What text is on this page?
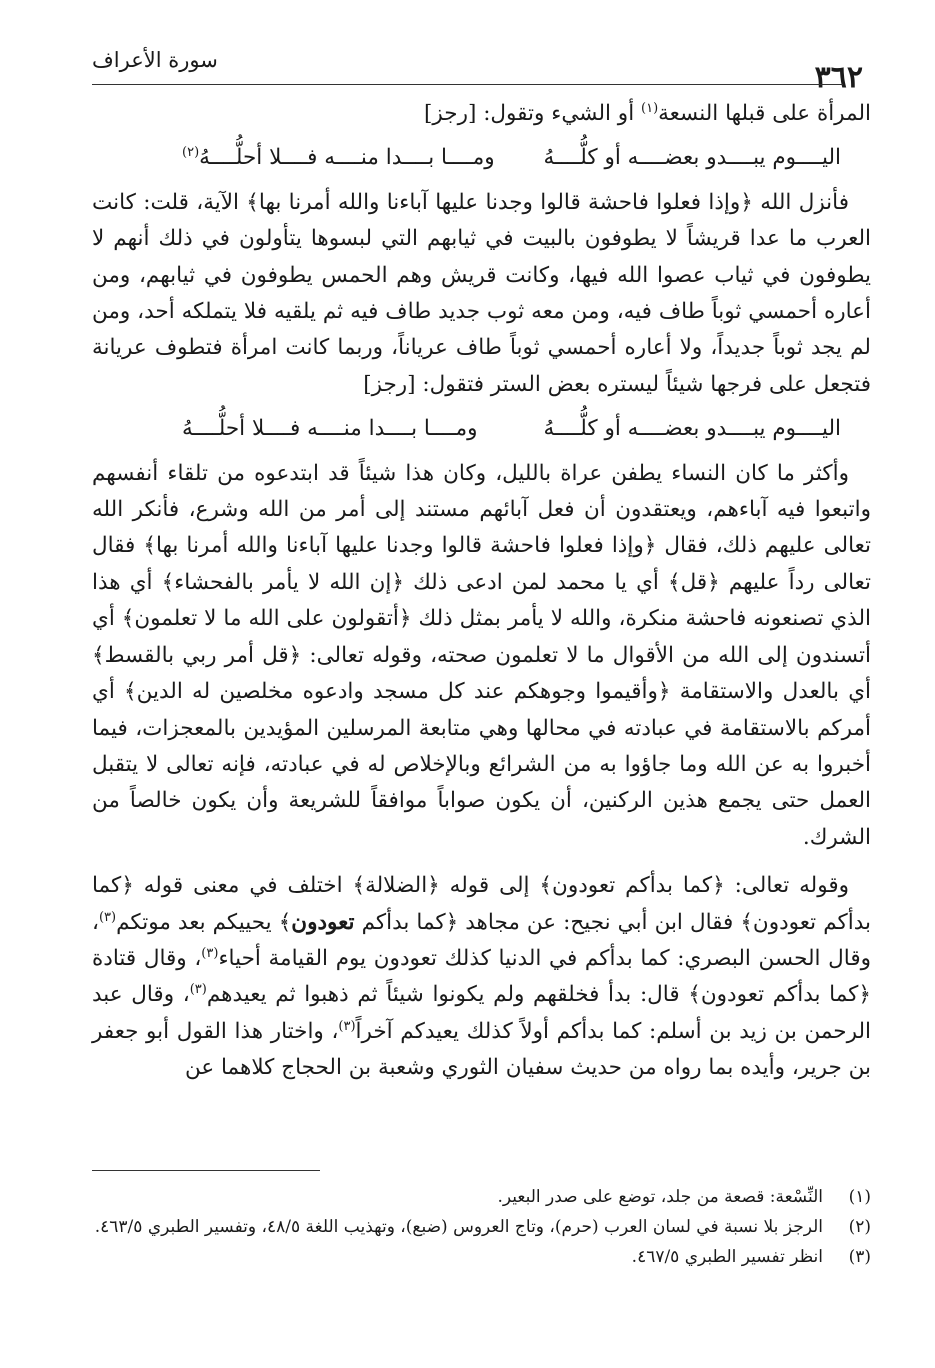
سورة الأعراف	٣٦٢

المرأة على قبلها النسعة$^{(١)}$ أو الشيء وتقول: [رجز]

اليــــوم يبــــدو بعضــــه أو كلُّــــهُ
ومــــا بــــدا منــــه فــــلا أحلُّــــهُ$^{(٢)}$

فأنزل الله ﴿وإذا فعلوا فاحشة قالوا وجدنا عليها آباءنا والله أمرنا بها﴾ الآية، قلت: كانت العرب ما عدا قريشاً لا يطوفون بالبيت في ثيابهم التي لبسوها يتأولون في ذلك أنهم لا يطوفون في ثياب عصوا الله فيها، وكانت قريش وهم الحمس يطوفون في ثيابهم، ومن أعاره أحمسي ثوباً طاف فيه، ومن معه ثوب جديد طاف فيه ثم يلقيه فلا يتملكه أحد، ومن لم يجد ثوباً جديداً، ولا أعاره أحمسي ثوباً طاف عرياناً، وربما كانت امرأة فتطوف عريانة فتجعل على فرجها شيئاً ليستره بعض الستر فتقول: [رجز]

اليــــوم يبــــدو بعضــــه أو كلُّــــهُ
ومــــا بــــدا منــــه فــــلا أحلُّــــهُ

وأكثر ما كان النساء يطفن عراة بالليل، وكان هذا شيئاً قد ابتدعوه من تلقاء أنفسهم واتبعوا فيه آباءهم، ويعتقدون أن فعل آبائهم مستند إلى أمر من الله وشرع، فأنكر الله تعالى عليهم ذلك، فقال ﴿وإذا فعلوا فاحشة قالوا وجدنا عليها آباءنا والله أمرنا بها﴾ فقال تعالى رداً عليهم ﴿قل﴾ أي يا محمد لمن ادعى ذلك ﴿إن الله لا يأمر بالفحشاء﴾ أي هذا الذي تصنعونه فاحشة منكرة، والله لا يأمر بمثل ذلك ﴿أتقولون على الله ما لا تعلمون﴾ أي أتسندون إلى الله من الأقوال ما لا تعلمون صحته، وقوله تعالى: ﴿قل أمر ربي بالقسط﴾ أي بالعدل والاستقامة ﴿وأقيموا وجوهكم عند كل مسجد وادعوه مخلصين له الدين﴾ أي أمركم بالاستقامة في عبادته في محالها وهي متابعة المرسلين المؤيدين بالمعجزات، فيما أخبروا به عن الله وما جاؤوا به من الشرائع وبالإخلاص له في عبادته، فإنه تعالى لا يتقبل العمل حتى يجمع هذين الركنين، أن يكون صواباً موافقاً للشريعة وأن يكون خالصاً من الشرك.

وقوله تعالى: ﴿كما بدأكم تعودون﴾ إلى قوله ﴿الضلالة﴾ اختلف في معنى قوله ﴿كما بدأكم تعودون﴾ فقال ابن أبي نجيح: عن مجاهد ﴿كما بدأكم تعودون﴾ يحييكم بعد موتكم$^{(٣)}$، وقال الحسن البصري: كما بدأكم في الدنيا كذلك تعودون يوم القيامة أحياء$^{(٣)}$، وقال قتادة ﴿كما بدأكم تعودون﴾ قال: بدأ فخلقهم ولم يكونوا شيئاً ثم ذهبوا ثم يعيدهم$^{(٣)}$، وقال عبد الرحمن بن زيد بن أسلم: كما بدأكم أولاً كذلك يعيدكم آخراً$^{(٣)}$، واختار هذا القول أبو جعفر بن جرير، وأيده بما رواه من حديث سفيان الثوري وشعبة بن الحجاج كلاهما عن

(١)
النِّسْعة: قصعة من جلد، توضع على صدر البعير.
(٢)
الرجز بلا نسبة في لسان العرب (حرم)، وتاج العروس (ضبع)، وتهذيب اللغة ٤٨/٥، وتفسير الطبري ٤٦٣/٥.
(٣)
انظر تفسير الطبري ٤٦٧/٥.
